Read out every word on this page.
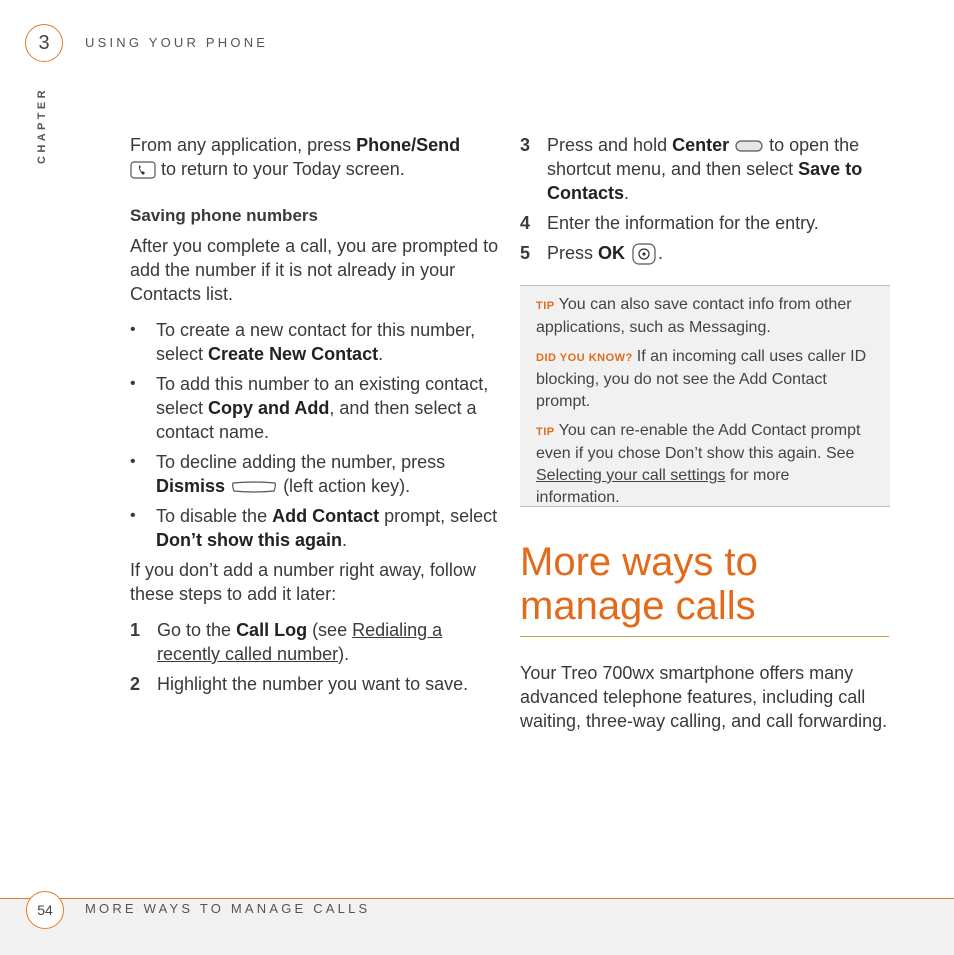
3	USING YOUR PHONE
CHAPTER	From any application, press Phone/Send
to return to your Today screen.

Saving phone numbers

After you complete a call, you are prompted to add the number if it is not already in your Contacts list.

• To create a new contact for this number, select Create New Contact.
• To add this number to an existing contact, select Copy and Add, and then select a contact name.
• To decline adding the number, press Dismiss	(left action key).
• To disable the Add Contact prompt, select Don’t show this again.

If you don’t add a number right away, follow these steps to add it later:

1 Go to the Call Log (see Redialing a recently called number).
2 Highlight the number you want to save.
3 Press and hold Center  to open the shortcut menu, and then select Save to Contacts.
4 Enter the information for the entry.
5 Press OK .

TIP You can also save contact info from other applications, such as Messaging.

DID YOU KNOW? If an incoming call uses caller ID blocking, you do not see the Add Contact prompt.

TIP You can re-enable the Add Contact prompt even if you chose Don’t show this again. See Selecting your call settings for more information.

More ways to manage calls

Your Treo 700wx smartphone offers many advanced telephone features, including call waiting, three-way calling, and call forwarding.

54 MORE WAYS TO MANAGE CALLS
